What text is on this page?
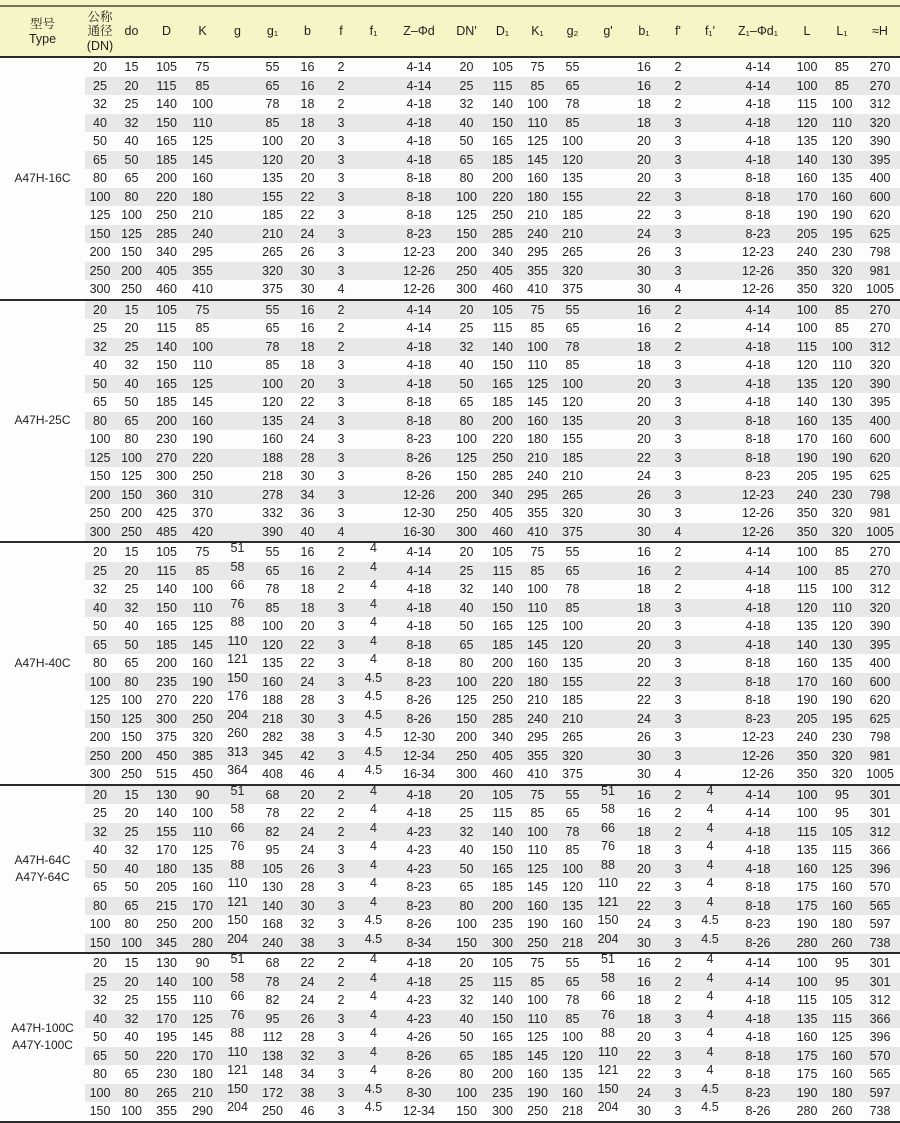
型号
Type	公称
通径
(DN)	do	D	K	g	g₁	b	f	f₁	Z–Φd	DN'	D₁	K₁	g₂	g'	b₁	f'	f₁'	Z₁–Φd₁	L	L₁	≈H
A47H-16C	20	15	105	75		55	16	2		4-14	20	105	75	55		16	2		4-14	100	85	270
	25	20	115	85		65	16	2		4-14	25	115	85	65		16	2		4-14	100	85	270
	32	25	140	100		78	18	2		4-18	32	140	100	78		18	2		4-18	115	100	312
	40	32	150	110		85	18	3		4-18	40	150	110	85		18	3		4-18	120	110	320
	50	40	165	125		100	20	3		4-18	50	165	125	100		20	3		4-18	135	120	390
	65	50	185	145		120	20	3		4-18	65	185	145	120		20	3		4-18	140	130	395
	80	65	200	160		135	20	3		8-18	80	200	160	135		20	3		8-18	160	135	400
	100	80	220	180		155	22	3		8-18	100	220	180	155		22	3		8-18	170	160	600
	125	100	250	210		185	22	3		8-18	125	250	210	185		22	3		8-18	190	190	620
	150	125	285	240		210	24	3		8-23	150	285	240	210		24	3		8-23	205	195	625
	200	150	340	295		265	26	3		12-23	200	340	295	265		26	3		12-23	240	230	798
	250	200	405	355		320	30	3		12-26	250	405	355	320		30	3		12-26	350	320	981
	300	250	460	410		375	30	4		12-26	300	460	410	375		30	4		12-26	350	320	1005
A47H-25C	20	15	105	75		55	16	2		4-14	20	105	75	55		16	2		4-14	100	85	270
	25	20	115	85		65	16	2		4-14	25	115	85	65		16	2		4-14	100	85	270
	32	25	140	100		78	18	2		4-18	32	140	100	78		18	2		4-18	115	100	312
	40	32	150	110		85	18	3		4-18	40	150	110	85		18	3		4-18	120	110	320
	50	40	165	125		100	20	3		4-18	50	165	125	100		20	3		4-18	135	120	390
	65	50	185	145		120	22	3		8-18	65	185	145	120		20	3		4-18	140	130	395
	80	65	200	160		135	24	3		8-18	80	200	160	135		20	3		8-18	160	135	400
	100	80	230	190		160	24	3		8-23	100	220	180	155		20	3		8-18	170	160	600
	125	100	270	220		188	28	3		8-26	125	250	210	185		22	3		8-18	190	190	620
	150	125	300	250		218	30	3		8-26	150	285	240	210		24	3		8-23	205	195	625
	200	150	360	310		278	34	3		12-26	200	340	295	265		26	3		12-23	240	230	798
	250	200	425	370		332	36	3		12-30	250	405	355	320		30	3		12-26	350	320	981
	300	250	485	420		390	40	4		16-30	300	460	410	375		30	4		12-26	350	320	1005
A47H-40C	20	15	105	75	51	55	16	2	4	4-14	20	105	75	55		16	2		4-14	100	85	270
	25	20	115	85	58	65	16	2	4	4-14	25	115	85	65		16	2		4-14	100	85	270
	32	25	140	100	66	78	18	2	4	4-18	32	140	100	78		18	2		4-18	115	100	312
	40	32	150	110	76	85	18	3	4	4-18	40	150	110	85		18	3		4-18	120	110	320
	50	40	165	125	88	100	20	3	4	4-18	50	165	125	100		20	3		4-18	135	120	390
	65	50	185	145	110	120	22	3	4	8-18	65	185	145	120		20	3		4-18	140	130	395
	80	65	200	160	121	135	22	3	4	8-18	80	200	160	135		20	3		8-18	160	135	400
	100	80	235	190	150	160	24	3	4.5	8-23	100	220	180	155		22	3		8-18	170	160	600
	125	100	270	220	176	188	28	3	4.5	8-26	125	250	210	185		22	3		8-18	190	190	620
	150	125	300	250	204	218	30	3	4.5	8-26	150	285	240	210		24	3		8-23	205	195	625
	200	150	375	320	260	282	38	3	4.5	12-30	200	340	295	265		26	3		12-23	240	230	798
	250	200	450	385	313	345	42	3	4.5	12-34	250	405	355	320		30	3		12-26	350	320	981
	300	250	515	450	364	408	46	4	4.5	16-34	300	460	410	375		30	4		12-26	350	320	1005
A47H-64C
A47Y-64C	20	15	130	90	51	68	20	2	4	4-18	20	105	75	55	51	16	2	4	4-14	100	95	301
	25	20	140	100	58	78	22	2	4	4-18	25	115	85	65	58	16	2	4	4-14	100	95	301
	32	25	155	110	66	82	24	2	4	4-23	32	140	100	78	66	18	2	4	4-18	115	105	312
	40	32	170	125	76	95	24	3	4	4-23	40	150	110	85	76	18	3	4	4-18	135	115	366
	50	40	180	135	88	105	26	3	4	4-23	50	165	125	100	88	20	3	4	4-18	160	125	396
	65	50	205	160	110	130	28	3	4	8-23	65	185	145	120	110	22	3	4	8-18	175	160	570
	80	65	215	170	121	140	30	3	4	8-23	80	200	160	135	121	22	3	4	8-18	175	160	565
	100	80	250	200	150	168	32	3	4.5	8-26	100	235	190	160	150	24	3	4.5	8-23	190	180	597
	150	100	345	280	204	240	38	3	4.5	8-34	150	300	250	218	204	30	3	4.5	8-26	280	260	738
A47H-100C
A47Y-100C	20	15	130	90	51	68	22	2	4	4-18	20	105	75	55	51	16	2	4	4-14	100	95	301
	25	20	140	100	58	78	24	2	4	4-18	25	115	85	65	58	16	2	4	4-14	100	95	301
	32	25	155	110	66	82	24	2	4	4-23	32	140	100	78	66	18	2	4	4-18	115	105	312
	40	32	170	125	76	95	26	3	4	4-23	40	150	110	85	76	18	3	4	4-18	135	115	366
	50	40	195	145	88	112	28	3	4	4-26	50	165	125	100	88	20	3	4	4-18	160	125	396
	65	50	220	170	110	138	32	3	4	8-26	65	185	145	120	110	22	3	4	8-18	175	160	570
	80	65	230	180	121	148	34	3	4	8-26	80	200	160	135	121	22	3	4	8-18	175	160	565
	100	80	265	210	150	172	38	3	4.5	8-30	100	235	190	160	150	24	3	4.5	8-23	190	180	597
	150	100	355	290	204	250	46	3	4.5	12-34	150	300	250	218	204	30	3	4.5	8-26	280	260	738
